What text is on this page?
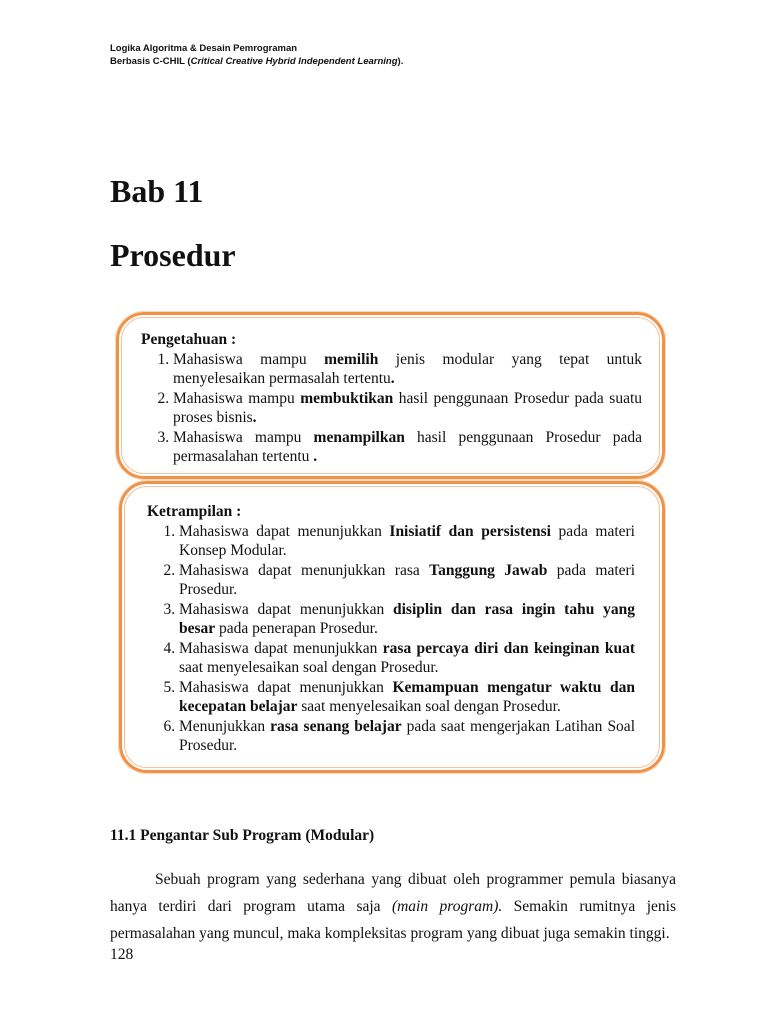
Logika Algoritma & Desain Pemrograman
Berbasis C-CHIL (Critical Creative Hybrid Independent Learning).
Bab 11
Prosedur
Pengetahuan :
1. Mahasiswa mampu memilih jenis modular yang tepat untuk menyelesaikan permasalah tertentu.
2. Mahasiswa mampu membuktikan hasil penggunaan Prosedur pada suatu proses bisnis.
3. Mahasiswa mampu menampilkan hasil penggunaan Prosedur pada permasalahan tertentu .
Ketrampilan :
1. Mahasiswa dapat menunjukkan Inisiatif dan persistensi pada materi Konsep Modular.
2. Mahasiswa dapat menunjukkan rasa Tanggung Jawab pada materi Prosedur.
3. Mahasiswa dapat menunjukkan disiplin dan rasa ingin tahu yang besar pada penerapan Prosedur.
4. Mahasiswa dapat menunjukkan rasa percaya diri dan keinginan kuat saat menyelesaikan soal dengan Prosedur.
5. Mahasiswa dapat menunjukkan Kemampuan mengatur waktu dan kecepatan belajar saat menyelesaikan soal dengan Prosedur.
6. Menunjukkan rasa senang belajar pada saat mengerjakan Latihan Soal Prosedur.
11.1 Pengantar Sub Program (Modular)

Sebuah program yang sederhana yang dibuat oleh programmer pemula biasanya hanya terdiri dari program utama saja (main program). Semakin rumitnya jenis permasalahan yang muncul, maka kompleksitas program yang dibuat juga semakin tinggi.

128
